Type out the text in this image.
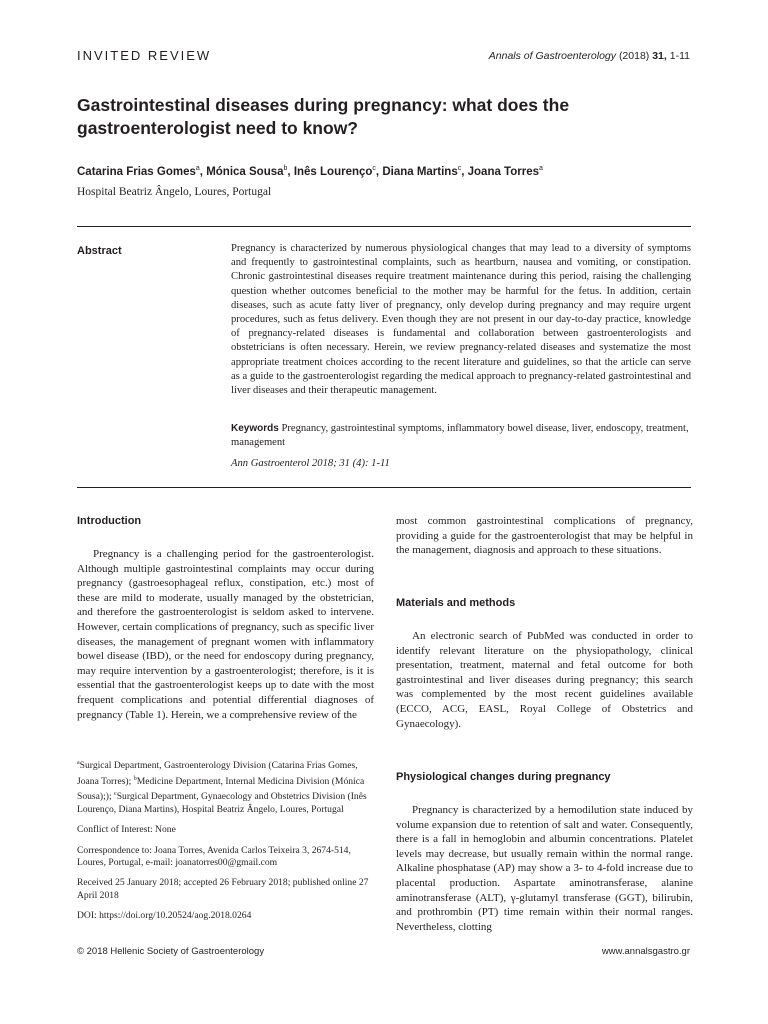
INVITED REVIEW	Annals of Gastroenterology (2018) 31, 1-11
Gastrointestinal diseases during pregnancy: what does the gastroenterologist need to know?
Catarina Frias Gomes$^a$, Mónica Sousa$^b$, Inês Lourenço$^c$, Diana Martins$^c$, Joana Torres$^a$
Hospital Beatriz Ângelo, Loures, Portugal
Abstract	Pregnancy is characterized by numerous physiological changes that may lead to a diversity of symptoms and frequently to gastrointestinal complaints, such as heartburn, nausea and vomiting, or constipation. Chronic gastrointestinal diseases require treatment maintenance during this period, raising the challenging question whether outcomes beneficial to the mother may be harmful for the fetus. In addition, certain diseases, such as acute fatty liver of pregnancy, only develop during pregnancy and may require urgent procedures, such as fetus delivery. Even though they are not present in our day-to-day practice, knowledge of pregnancy-related diseases is fundamental and collaboration between gastroenterologists and obstetricians is often necessary. Herein, we review pregnancy-related diseases and systematize the most appropriate treatment choices according to the recent literature and guidelines, so that the article can serve as a guide to the gastroenterologist regarding the medical approach to pregnancy-related gastrointestinal and liver diseases and their therapeutic management.
Keywords Pregnancy, gastrointestinal symptoms, inflammatory bowel disease, liver, endoscopy, treatment, management
Ann Gastroenterol 2018; 31 (4): 1-11
Introduction
Pregnancy is a challenging period for the gastroenterologist. Although multiple gastrointestinal complaints may occur during pregnancy (gastroesophageal reflux, constipation, etc.) most of these are mild to moderate, usually managed by the obstetrician, and therefore the gastroenterologist is seldom asked to intervene. However, certain complications of pregnancy, such as specific liver diseases, the management of pregnant women with inflammatory bowel disease (IBD), or the need for endoscopy during pregnancy, may require intervention by a gastroenterologist; therefore, is it is essential that the gastroenterologist keeps up to date with the most frequent complications and potential differential diagnoses of pregnancy (Table 1). Herein, we a comprehensive review of the

$^a$Surgical Department, Gastroenterology Division (Catarina Frias Gomes, Joana Torres); $^b$Medicine Department, Internal Medicina Division (Mónica Sousa);); $^c$Surgical Department, Gynaecology and Obstetrics Division (Inês Lourenço, Diana Martins), Hospital Beatriz Ângelo, Loures, Portugal

Conflict of Interest: None

Correspondence to: Joana Torres, Avenida Carlos Teixeira 3, 2674-514, Loures, Portugal, e-mail: joanatorres00@gmail.com

Received 25 January 2018; accepted 26 February 2018; published online 27 April 2018

DOI: https://doi.org/10.20524/aog.2018.0264

most common gastrointestinal complications of pregnancy, providing a guide for the gastroenterologist that may be helpful in the management, diagnosis and approach to these situations.
Materials and methods
An electronic search of PubMed was conducted in order to identify relevant literature on the physiopathology, clinical presentation, treatment, maternal and fetal outcome for both gastrointestinal and liver diseases during pregnancy; this search was complemented by the most recent guidelines available (ECCO, ACG, EASL, Royal College of Obstetrics and Gynaecology).
Physiological changes during pregnancy
Pregnancy is characterized by a hemodilution state induced by volume expansion due to retention of salt and water. Consequently, there is a fall in hemoglobin and albumin concentrations. Platelet levels may decrease, but usually remain within the normal range. Alkaline phosphatase (AP) may show a 3- to 4-fold increase due to placental production. Aspartate aminotransferase, alanine aminotransferase (ALT), γ-glutamyl transferase (GGT), bilirubin, and prothrombin (PT) time remain within their normal ranges. Nevertheless, clotting
© 2018 Hellenic Society of Gastroenterology	www.annalsgastro.gr
